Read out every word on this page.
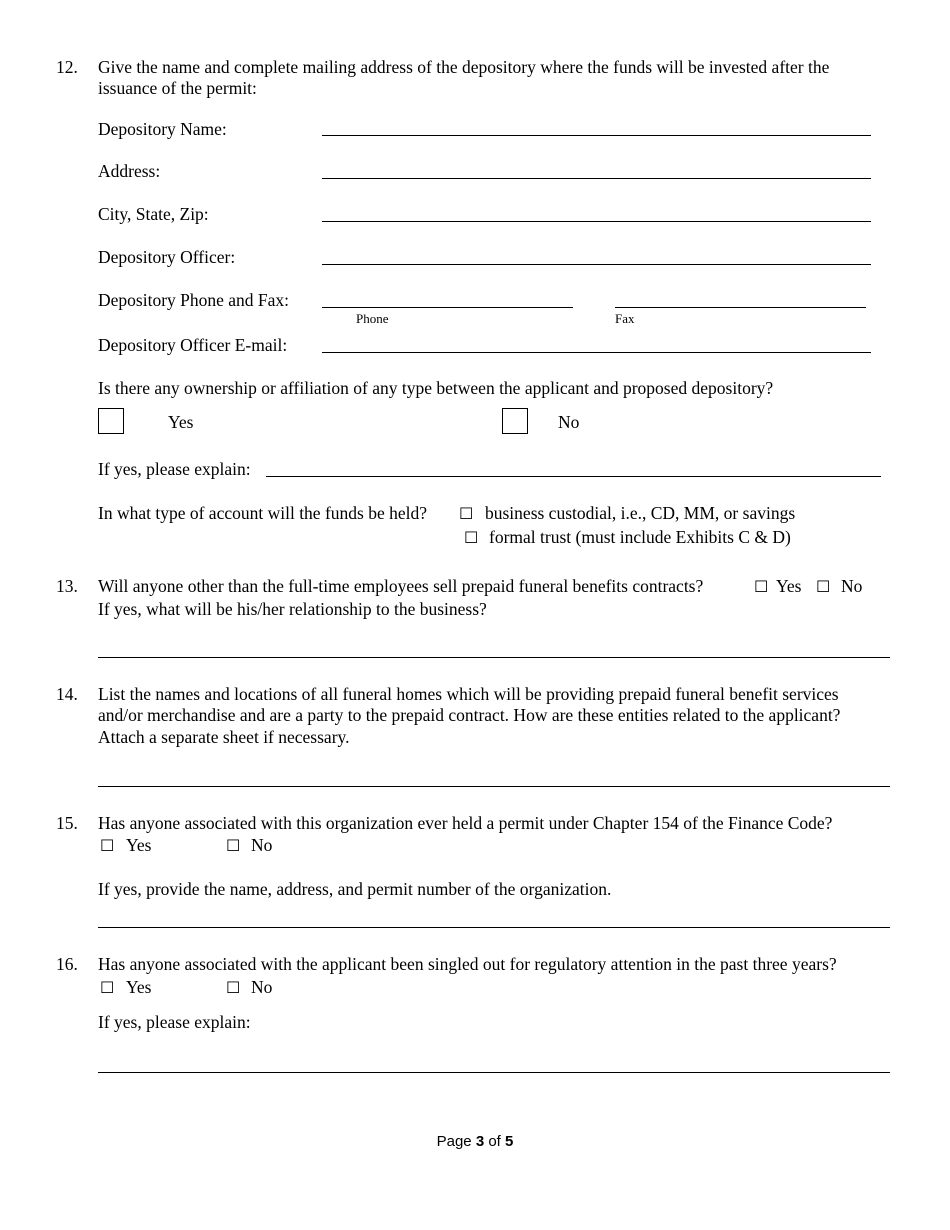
12. Give the name and complete mailing address of the depository where the funds will be invested after the
issuance of the permit:
Depository Name:
Address:
City, State, Zip:
Depository Officer:
Depository Phone and Fax:
Phone	Fax
Depository Officer E-mail:
Is there any ownership or affiliation of any type between the applicant and proposed depository?
Yes	No
If yes, please explain:
In what type of account will the funds be held? ☐ business custodial, i.e., CD, MM, or savings
☐ formal trust (must include Exhibits C & D)
13. Will anyone other than the full-time employees sell prepaid funeral benefits contracts?	☐ Yes ☐ No
If yes, what will be his/her relationship to the business?
14. List the names and locations of all funeral homes which will be providing prepaid funeral benefit services
and/or merchandise and are a party to the prepaid contract. How are these entities related to the applicant?
Attach a separate sheet if necessary.
15. Has anyone associated with this organization ever held a permit under Chapter 154 of the Finance Code?
☐ Yes	☐ No
If yes, provide the name, address, and permit number of the organization.
16. Has anyone associated with the applicant been singled out for regulatory attention in the past three years?
☐ Yes	☐ No
If yes, please explain:
Page 3 of 5
